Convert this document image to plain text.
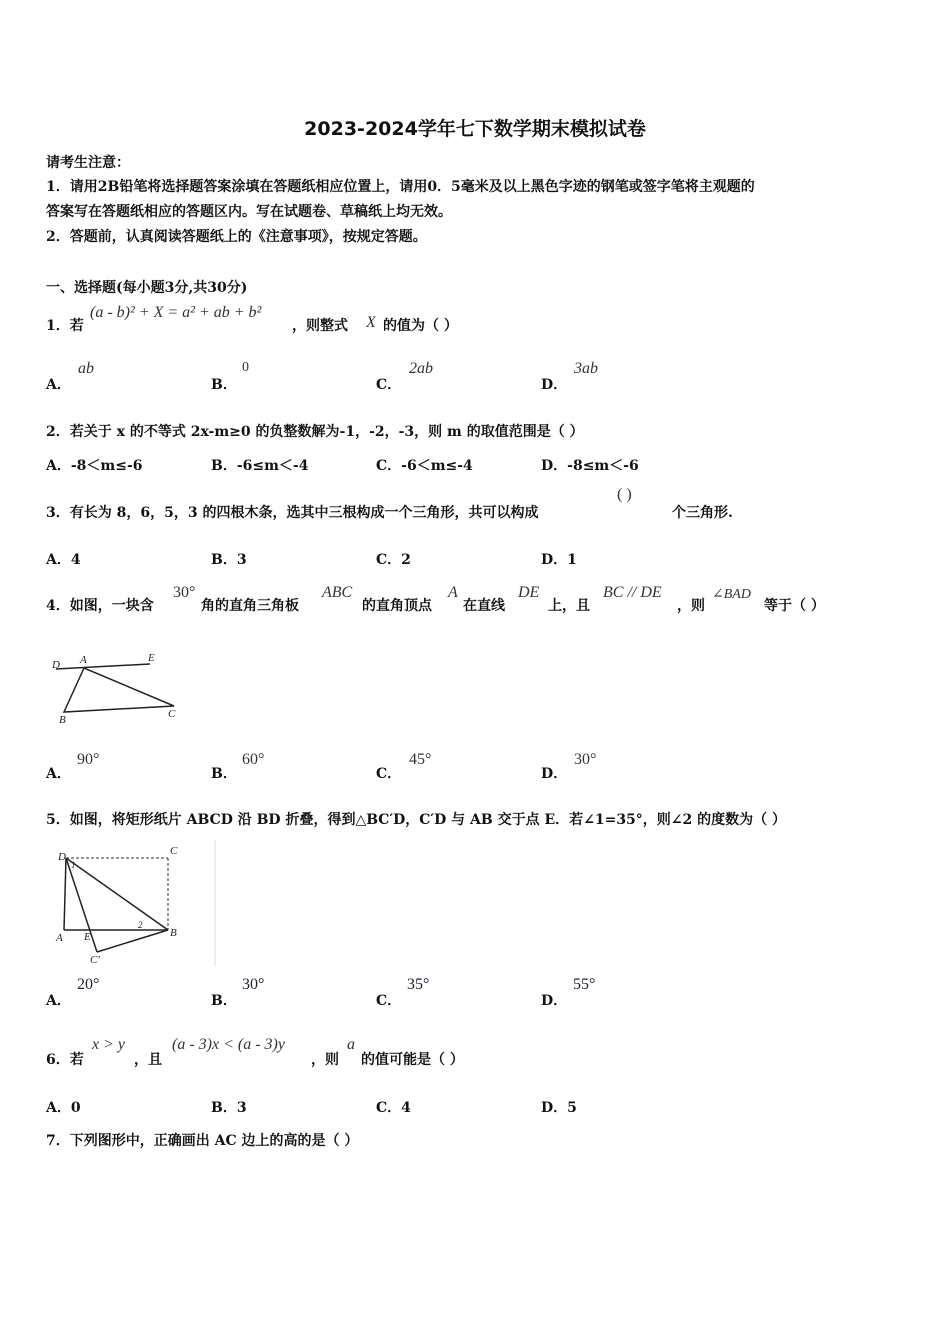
2023-2024学年七下数学期末模拟试卷
请考生注意：
1．请用2B铅笔将选择题答案涂填在答题纸相应位置上，请用0．5毫米及以上黑色字迹的钢笔或签字笔将主观题的
答案写在答题纸相应的答题区内。写在试题卷、草稿纸上均无效。
2．答题前，认真阅读答题纸上的《注意事项》，按规定答题。
一、选择题(每小题3分,共30分)
1．若
(a - b)² + X = a² + ab + b²
，则整式 X 的值为（ ）
A．
ab
B．
0
C．
2ab
D．
3ab
2．若关于 x 的不等式 2x-m≥0 的负整数解为-1，-2，-3，则 m 的取值范围是（ ）
A．-8＜m≤-6	B．-6≤m＜-4	C．-6＜m≤-4	D．-8≤m＜-6
3．有长为 8，6，5，3 的四根木条，选其中三根构成一个三角形，共可以构成
( )
个三角形.
A．4	B．3	C．2	D．1
4．如图，一块含
30°
角的直角三角板
ABC
的直角顶点
A
在直线
DE
上，且
BC // DE
，则
∠BAD
等于（ ）
D A	E
B	C
A．
90°
B．
60°
C．
45°
D．
30°
5．如图，将矩形纸片 ABCD 沿 BD 折叠，得到△BC′D，C′D 与 AB 交于点 E．若∠1=35°，则∠2 的度数为（ ）
D
1
C
2
A E	B
C'
A．
20°
B．
30°
C．
35°
D．
55°
6．若
x > y
，且
(a - 3)x < (a - 3)y
，则
a
的值可能是（ ）
A．0	B．3	C．4	D．5
7．下列图形中，正确画出 AC 边上的高的是（ ）
